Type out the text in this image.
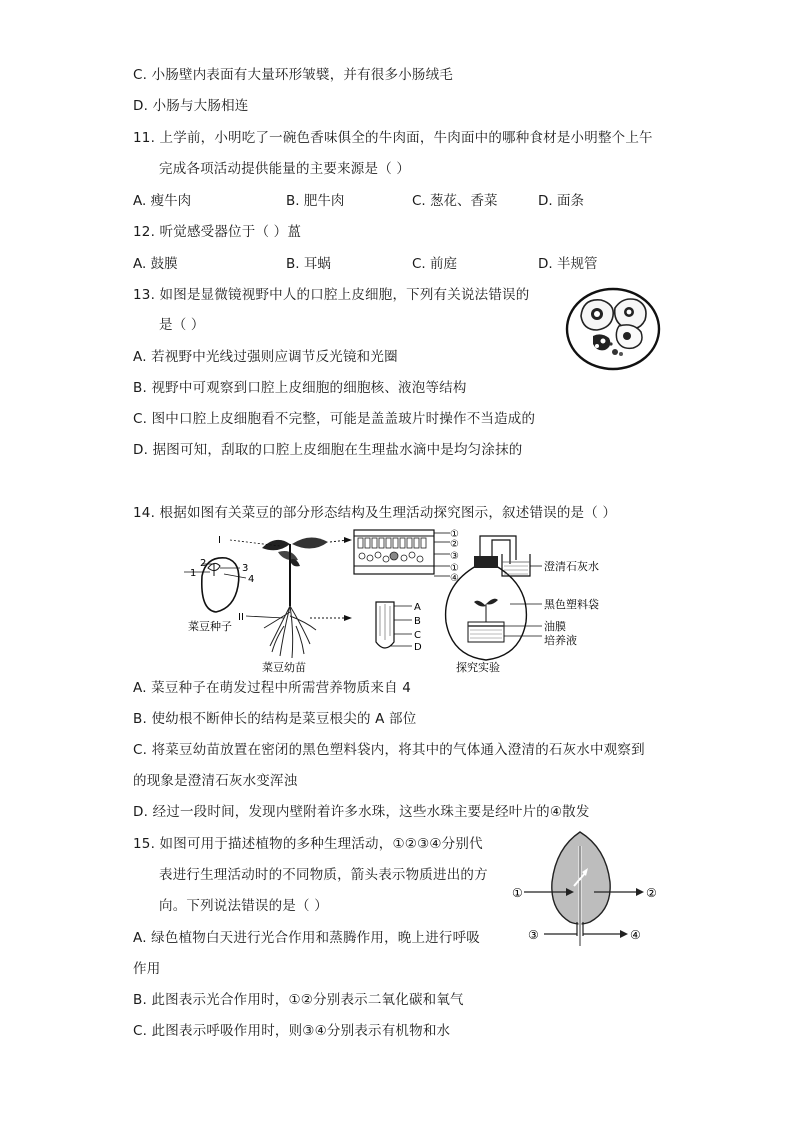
C. 小肠壁内表面有大量环形皱襞，并有很多小肠绒毛
D. 小肠与大肠相连
11. 上学前，小明吃了一碗色香味俱全的牛肉面，牛肉面中的哪种食材是小明整个上午
完成各项活动提供能量的主要来源是（ ）
A. 瘦牛肉	B. 肥牛肉	C. 葱花、香菜	D. 面条
12. 听觉感受器位于（ ）蒕
A. 鼓膜	B. 耳蜗	C. 前庭	D. 半规管
13. 如图是显微镜视野中人的口腔上皮细胞，下列有关说法错误的
是（ ）
A. 若视野中光线过强则应调节反光镜和光圈
B. 视野中可观察到口腔上皮细胞的细胞核、液泡等结构
C. 图中口腔上皮细胞看不完整，可能是盖盖玻片时操作不当造成的
D. 据图可知，刮取的口腔上皮细胞在生理盐水滴中是均匀涂抹的
14. 根据如图有关菜豆的部分形态结构及生理活动探究图示，叙述错误的是（ ）
2
1	3
4
菜豆种子
I
II
菜豆幼苗
①
②
③
①
④
A
B
C
D
澄清石灰水
黑色塑料袋
油膜
培养液
探究实验
A. 菜豆种子在萌发过程中所需营养物质来自 4
B. 使幼根不断伸长的结构是菜豆根尖的 A 部位
C. 将菜豆幼苗放置在密闭的黑色塑料袋内，将其中的气体通入澄清的石灰水中观察到
的现象是澄清石灰水变浑浊
D. 经过一段时间，发现内壁附着许多水珠，这些水珠主要是经叶片的④散发
15. 如图可用于描述植物的多种生理活动，①②③④分别代
表进行生理活动时的不同物质，箭头表示物质进出的方
向。下列说法错误的是（ ）
A. 绿色植物白天进行光合作用和蒸腾作用，晚上进行呼吸
作用
B. 此图表示光合作用时，①②分别表示二氧化碳和氧气
C. 此图表示呼吸作用时，则③④分别表示有机物和水
①	②
③	④
